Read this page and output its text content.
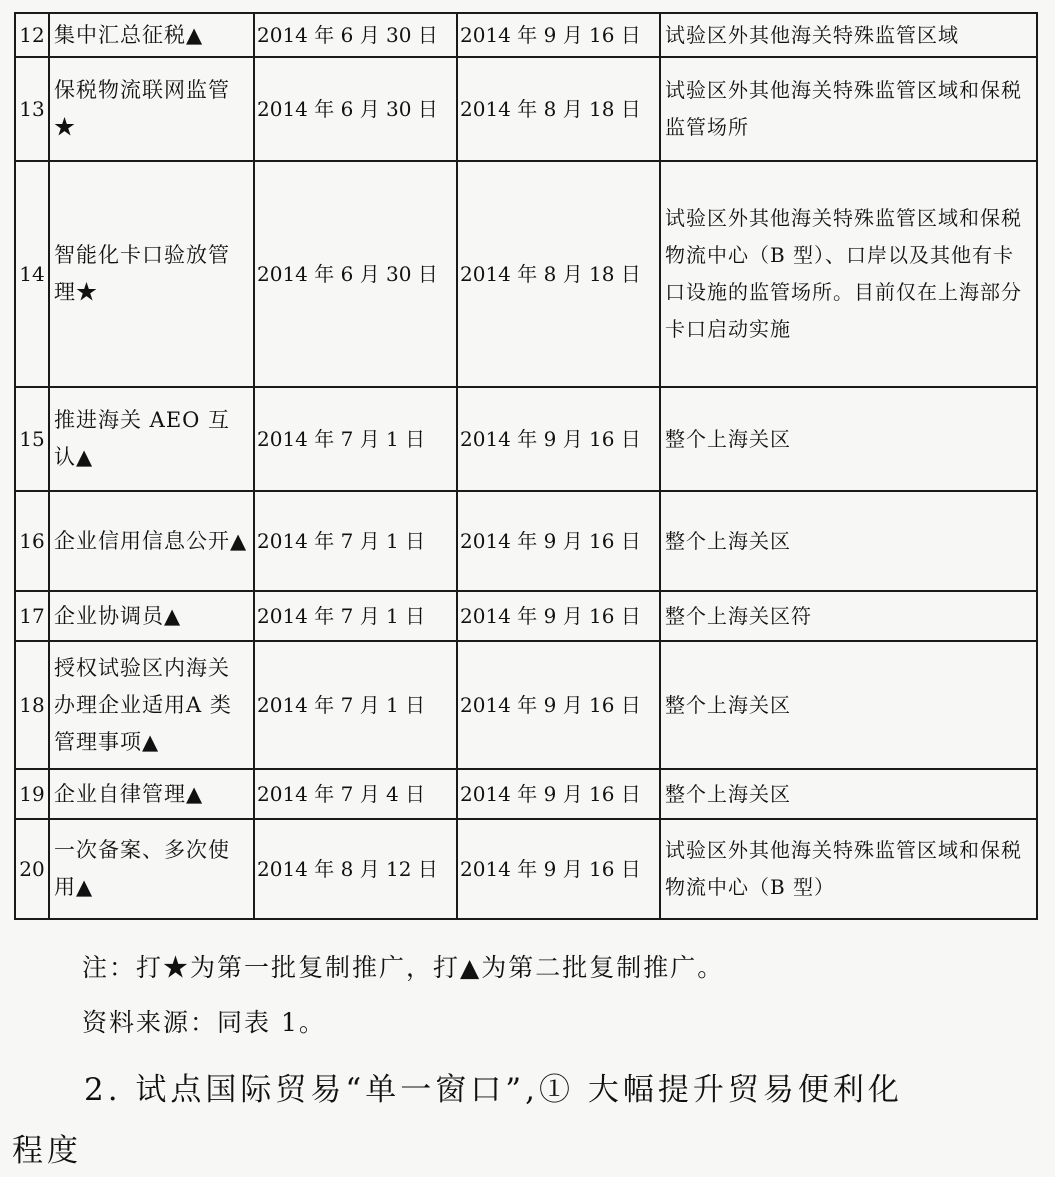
12	集中汇总征税▲	2014 年 6 月 30 日	2014 年 9 月 16 日	试验区外其他海关特殊监管区域
13	保税物流联网监管★	2014 年 6 月 30 日	2014 年 8 月 18 日	试验区外其他海关特殊监管区域和保税监管场所
14	智能化卡口验放管理★	2014 年 6 月 30 日	2014 年 8 月 18 日	试验区外其他海关特殊监管区域和保税物流中心（B 型）、口岸以及其他有卡口设施的监管场所。目前仅在上海部分卡口启动实施
15	推进海关 AEO 互认▲	2014 年 7 月 1 日	2014 年 9 月 16 日	整个上海关区
16	企业信用信息公开▲	2014 年 7 月 1 日	2014 年 9 月 16 日	整个上海关区
17	企业协调员▲	2014 年 7 月 1 日	2014 年 9 月 16 日	整个上海关区符
18	授权试验区内海关办理企业适用A 类管理事项▲	2014 年 7 月 1 日	2014 年 9 月 16 日	整个上海关区
19	企业自律管理▲	2014 年 7 月 4 日	2014 年 9 月 16 日	整个上海关区
20	一次备案、多次使用▲	2014 年 8 月 12 日	2014 年 9 月 16 日	试验区外其他海关特殊监管区域和保税物流中心（B 型）
注：打★为第一批复制推广，打▲为第二批复制推广。
资料来源：同表 1。
2. 试点国际贸易“单一窗口”,① 大幅提升贸易便利化
程度
